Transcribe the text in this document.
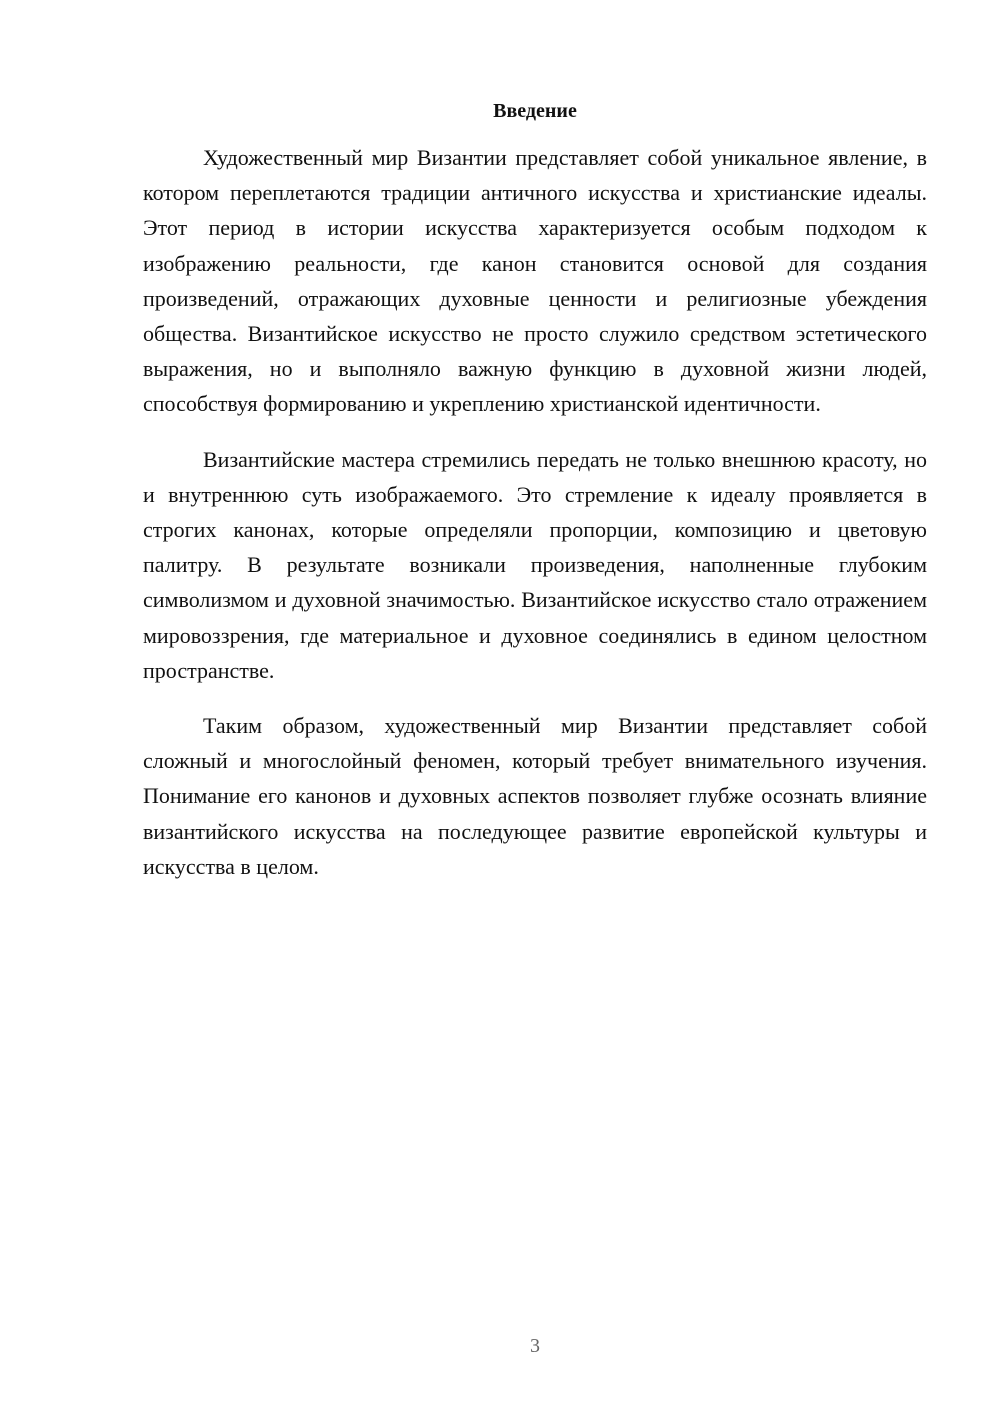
Введение

Художественный мир Византии представляет собой уникальное явление, в котором переплетаются традиции античного искусства и христианские идеалы. Этот период в истории искусства характеризуется особым подходом к изображению реальности, где канон становится основой для создания произведений, отражающих духовные ценности и религиозные убеждения общества. Византийское искусство не просто служило средством эстетического выражения, но и выполняло важную функцию в духовной жизни людей, способствуя формированию и укреплению христианской идентичности.

Византийские мастера стремились передать не только внешнюю красоту, но и внутреннюю суть изображаемого. Это стремление к идеалу проявляется в строгих канонах, которые определяли пропорции, композицию и цветовую палитру. В результате возникали произведения, наполненные глубоким символизмом и духовной значимостью. Византийское искусство стало отражением мировоззрения, где материальное и духовное соединялись в едином целостном пространстве.

Таким образом, художественный мир Византии представляет собой сложный и многослойный феномен, который требует внимательного изучения. Понимание его канонов и духовных аспектов позволяет глубже осознать влияние византийского искусства на последующее развитие европейской культуры и искусства в целом.

3
